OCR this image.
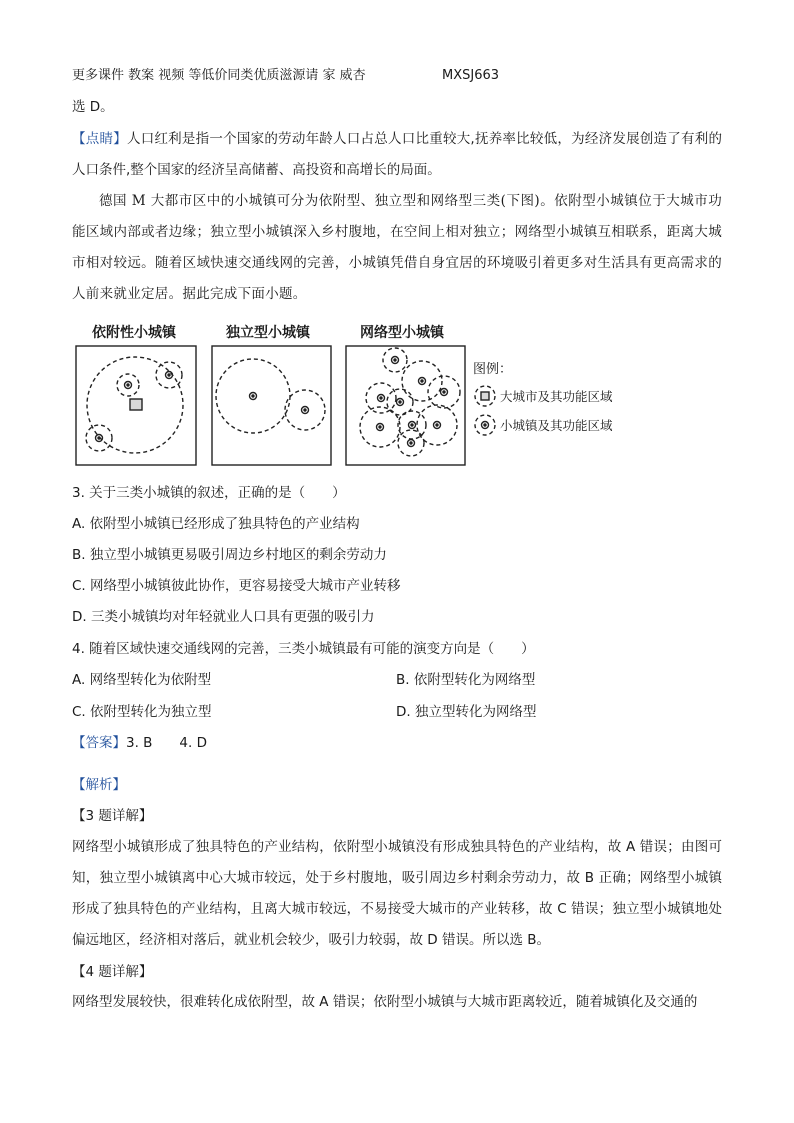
更多课件 教案 视频 等低价同类优质滋源请 家 威杏	MXSJ663
选 D。
【点睛】人口红利是指一个国家的劳动年龄人口占总人口比重较大,抚养率比较低，为经济发展创造了有利的人口条件,整个国家的经济呈高储蓄、高投资和高增长的局面。
德国 M 大都市区中的小城镇可分为依附型、独立型和网络型三类(下图)。依附型小城镇位于大城市功能区域内部或者边缘；独立型小城镇深入乡村腹地，在空间上相对独立；网络型小城镇互相联系，距离大城市相对较远。随着区域快速交通线网的完善，小城镇凭借自身宜居的环境吸引着更多对生活具有更高需求的人前来就业定居。据此完成下面小题。
依附性小城镇	独立型小城镇	网络型小城镇
图例：
大城市及其功能区域
小城镇及其功能区域
3. 关于三类小城镇的叙述，正确的是（　　）
A. 依附型小城镇已经形成了独具特色的产业结构
B. 独立型小城镇更易吸引周边乡村地区的剩余劳动力
C. 网络型小城镇彼此协作，更容易接受大城市产业转移
D. 三类小城镇均对年轻就业人口具有更强的吸引力
4. 随着区域快速交通线网的完善，三类小城镇最有可能的演变方向是（　　）
A. 网络型转化为依附型	B. 依附型转化为网络型
C. 依附型转化为独立型	D. 独立型转化为网络型
【答案】3. B　　4. D
【解析】
【3 题详解】
网络型小城镇形成了独具特色的产业结构，依附型小城镇没有形成独具特色的产业结构，故 A 错误；由图可知，独立型小城镇离中心大城市较远，处于乡村腹地，吸引周边乡村剩余劳动力，故 B 正确；网络型小城镇形成了独具特色的产业结构，且离大城市较远，不易接受大城市的产业转移，故 C 错误；独立型小城镇地处偏远地区，经济相对落后，就业机会较少，吸引力较弱，故 D 错误。所以选 B。
【4 题详解】
网络型发展较快，很难转化成依附型，故 A 错误；依附型小城镇与大城市距离较近，随着城镇化及交通的
